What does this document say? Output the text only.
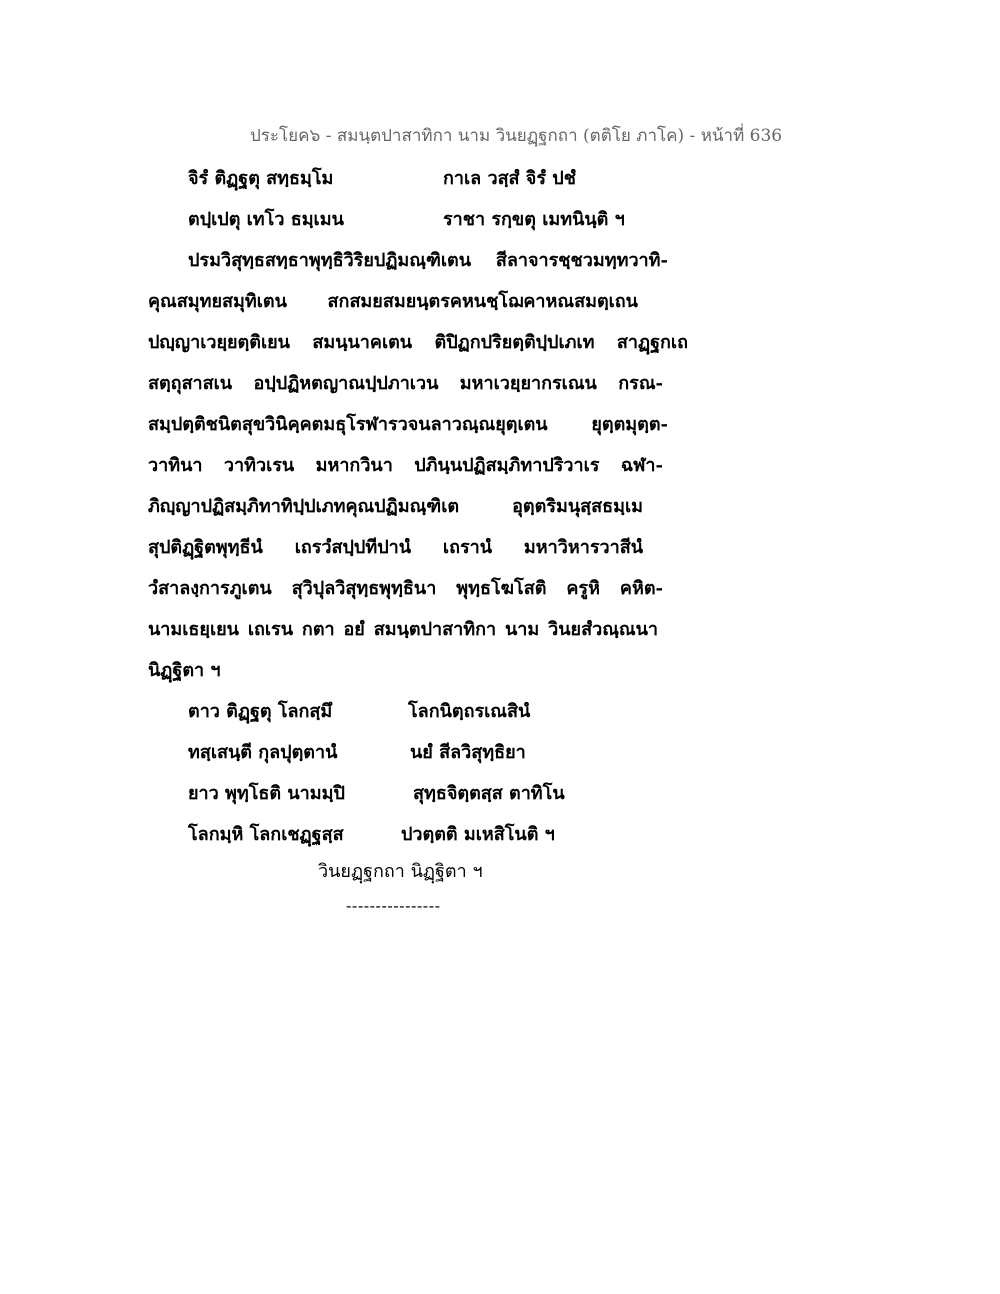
ประโยค๖ - สมนฺตปาสาทิกา นาม วินยฏฺฐกถา (ตติโย ภาโค) - หน้าที่ 636
จิรํ ติฏฺฐตุ สทฺธมฺโม	กาเล วสฺสํ จิรํ ปชํ
ตปฺเปตุ เทโว ธมฺเมน	ราชา รกฺขตุ เมทนินฺติ ฯ
ปรมวิสุทฺธสทฺธาพุทฺธิวิริยปฏิมณฺฑิเตน สีลาจารชฺชวมทฺทวาทิ-
คุณสมุทยสมุทิเตน สกสมยสมยนฺตรคหนชฺโฌคาหณสมตฺเถน
ปญฺญาเวยฺยตฺติเยน สมนฺนาคเตน ติปิฏกปริยตฺติปฺปเภเท สาฏฺฐกเถ
สตฺถุสาสเน อปฺปฏิหตญาณปฺปภาเวน มหาเวยฺยากรเณน กรณ-
สมฺปตฺติชนิตสุขวินิคฺคตมธุโรฬารวจนลาวณฺณยุตฺเตน ยุตฺตมุตฺต-
วาทินา วาทิวเรน มหากวินา ปภินฺนปฏิสมฺภิทาปริวาเร ฉฬา-
ภิญฺญาปฏิสมฺภิทาทิปฺปเภทคุณปฏิมณฺฑิเต อุตฺตริมนุสฺสธมฺเม
สุปติฏฺฐิตพุทฺธีนํ เถรวํสปฺปทีปานํ เถรานํ มหาวิหารวาสีนํ
วํสาลงฺการภูเตน สุวิปุลวิสุทฺธพุทฺธินา พุทฺธโฆโสติ ครูหิ คหิต-
นามเธยฺเยน เถเรน กตา อยํ สมนฺตปาสาทิกา นาม วินยสํวณฺณนา
นิฏฺฐิตา ฯ
ตาว ติฏฺฐตุ โลกสฺมึ	โลกนิตฺถรเณสินํ
ทสฺเสนฺตี กุลปุตฺตานํ	นยํ สีลวิสุทฺธิยา
ยาว พุทฺโธติ นามมฺปิ	สุทฺธจิตฺตสฺส ตาทิโน
โลกมฺหิ โลกเชฏฺฐสฺส	ปวตฺตติ มเหสิโนติ ฯ
วินยฏฺฐกถา นิฏฺฐิตา ฯ
----------------
